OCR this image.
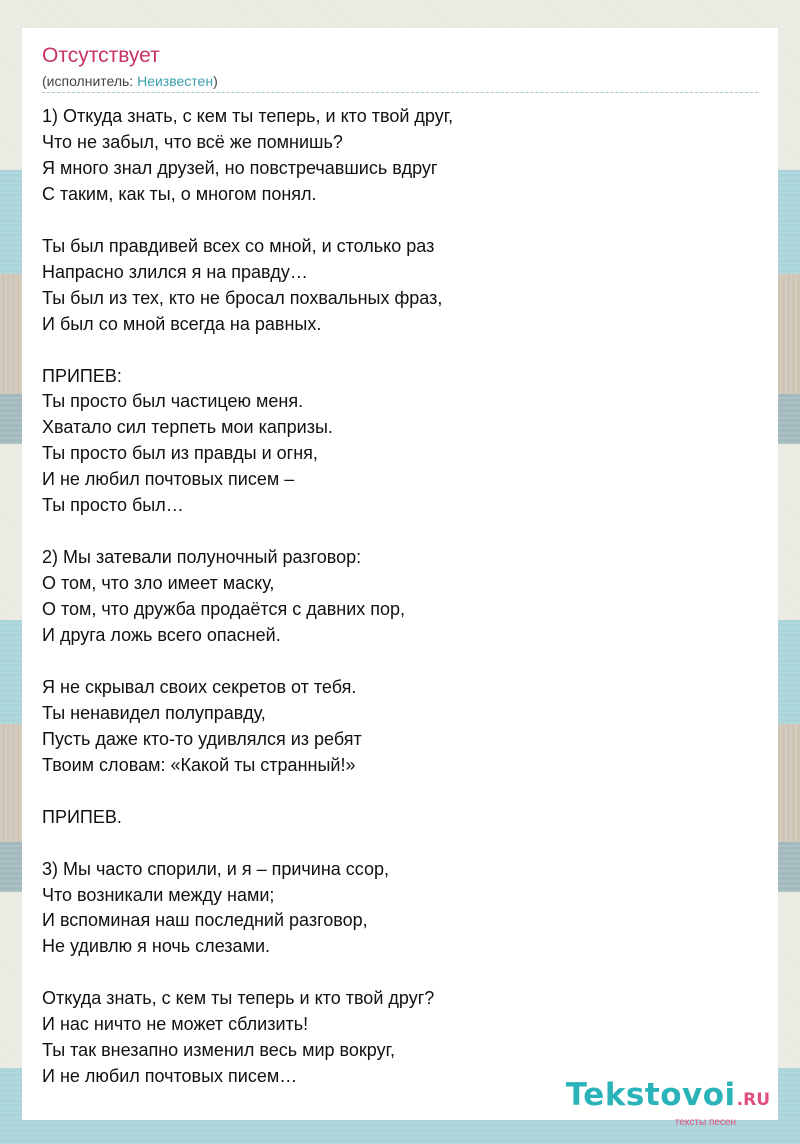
Отсутствует
(исполнитель: Неизвестен)
1) Откуда знать, с кем ты теперь, и кто твой друг,
Что не забыл, что всё же помнишь?
Я много знал друзей, но повстречавшись вдруг
С таким, как ты, о многом понял.
Ты был правдивей всех со мной, и столько раз
Напрасно злился я на правду…
Ты был из тех, кто не бросал похвальных фраз,
И был со мной всегда на равных.
ПРИПЕВ:
Ты просто был частицею меня.
Хватало сил терпеть мои капризы.
Ты просто был из правды и огня,
И не любил почтовых писем –
Ты просто был…
2) Мы затевали полуночный разговор:
О том, что зло имеет маску,
О том, что дружба продаётся с давних пор,
И друга ложь всего опасней.
Я не скрывал своих секретов от тебя.
Ты ненавидел полуправду,
Пусть даже кто-то удивлялся из ребят
Твоим словам: «Какой ты странный!»
ПРИПЕВ.
3) Мы часто спорили, и я – причина ссор,
Что возникали между нами;
И вспоминая наш последний разговор,
Не удивлю я ночь слезами.
Откуда знать, с кем ты теперь и кто твой друг?
И нас ничто не может сблизить!
Ты так внезапно изменил весь мир вокруг,
И не любил почтовых писем…
Tekstovoi.RU
тексты песен
